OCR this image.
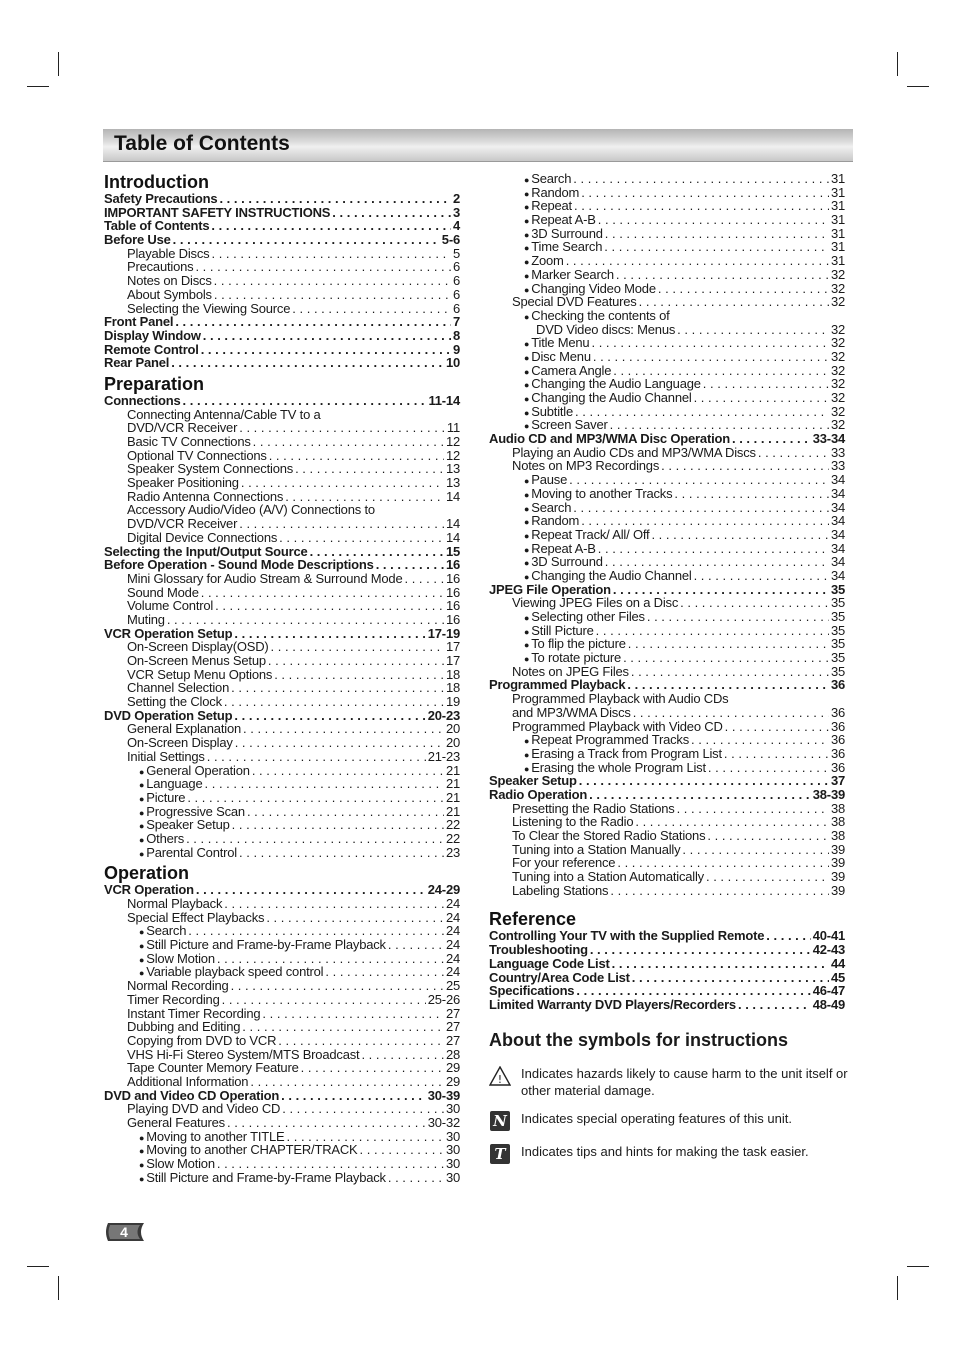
Table of Contents
Introduction
Safety Precautions . . .	2
IMPORTANT SAFETY INSTRUCTIONS . . .	3
Table of Contents . . .	4
Before Use . . .	5-6
Playable Discs . . .	5
Precautions . . .	6
Notes on Discs . . .	6
About Symbols . . .	6
Selecting the Viewing Source . . .	6
Front Panel . . .	7
Display Window . . .	8
Remote Control . . .	9
Rear Panel . . .	10
Preparation
Connections . . .	11-14
Connecting Antenna/Cable TV to a
DVD/VCR Receiver . . .	11
Basic TV Connections . . .	12
Optional TV Connections . . .	12
Speaker System Connections . . .	13
Speaker Positioning . . .	13
Radio Antenna Connections . . .	14
Accessory Audio/Video (A/V) Connections to
DVD/VCR Receiver . . .	14
Digital Device Connections . . .	14
Selecting the Input/Output Source . . .	15
Before Operation - Sound Mode Descriptions . . .	16
Mini Glossary for Audio Stream & Surround Mode . . .	16
Sound Mode . . .	16
Volume Control . . .	16
Muting . . .	16
VCR Operation Setup . . .	17-19
On-Screen Display(OSD) . . .	17
On-Screen Menus Setup . . .	17
VCR Setup Menu Options . . .	18
Channel Selection . . .	18
Setting the Clock . . .	19
DVD Operation Setup . . .	20-23
General Explanation . . .	20
On-Screen Display . . .	20
Initial Settings . . .	21-23
● General Operation . . .	21
● Language . . .	21
● Picture . . .	21
● Progressive Scan . . .	21
● Speaker Setup . . .	22
● Others . . .	22
● Parental Control . . .	23
Operation
VCR Operation . . .	24-29
Normal Playback . . .	24
Special Effect Playbacks . . .	24
● Search . . .	24
● Still Picture and Frame-by-Frame Playback . . .	24
● Slow Motion . . .	24
● Variable playback speed control . . .	24
Normal Recording . . .	25
Timer Recording . . .	25-26
Instant Timer Recording . . .	27
Dubbing and Editing . . .	27
Copying from DVD to VCR . . .	27
VHS Hi-Fi Stereo System/MTS Broadcast . . .	28
Tape Counter Memory Feature . . .	29
Additional Information . . .	29
DVD and Video CD Operation . . .	30-39
Playing DVD and Video CD . . .	30
General Features . . .	30-32
● Moving to another TITLE . . .	30
● Moving to another CHAPTER/TRACK . . .	30
● Slow Motion . . .	30
● Still Picture and Frame-by-Frame Playback . . .	30
● Search . . .	31
● Random . . .	31
● Repeat . . .	31
● Repeat A-B . . .	31
● 3D Surround . . .	31
● Time Search . . .	31
● Zoom . . .	31
● Marker Search . . .	32
● Changing Video Mode . . .	32
Special DVD Features . . .	32
● Checking the contents of
DVD Video discs: Menus . . .	32
● Title Menu . . .	32
● Disc Menu . . .	32
● Camera Angle . . .	32
● Changing the Audio Language . . .	32
● Changing the Audio Channel . . .	32
● Subtitle . . .	32
● Screen Saver . . .	32
Audio CD and MP3/WMA Disc Operation . . .	33-34
Playing an Audio CDs and MP3/WMA Discs . . .	33
Notes on MP3 Recordings . . .	33
● Pause . . .	34
● Moving to another Tracks . . .	34
● Search . . .	34
● Random . . .	34
● Repeat Track/ All/ Off . . .	34
● Repeat A-B . . .	34
● 3D Surround . . .	34
● Changing the Audio Channel . . .	34
JPEG File Operation . . .	35
Viewing JPEG Files on a Disc . . .	35
● Selecting other Files . . .	35
● Still Picture . . .	35
● To flip the picture . . .	35
● To rotate picture . . .	35
Notes on JPEG Files . . .	35
Programmed Playback . . .	36
Programmed Playback with Audio CDs
and MP3/WMA Discs . . .	36
Programmed Playback with Video CD . . .	36
● Repeat Programmed Tracks . . .	36
● Erasing a Track from Program List . . .	36
● Erasing the whole Program List . . .	36
Speaker Setup . . .	37
Radio Operation . . .	38-39
Presetting the Radio Stations . . .	38
Listening to the Radio . . .	38
To Clear the Stored Radio Stations . . .	38
Tuning into a Station Manually . . .	39
For your reference . . .	39
Tuning into a Station Automatically . . .	39
Labeling Stations . . .	39
Reference
Controlling Your TV with the Supplied Remote . . .	40-41
Troubleshooting . . .	42-43
Language Code List . . .	44
Country/Area Code List . . .	45
Specifications . . .	46-47
Limited Warranty DVD Players/Recorders . . .	48-49
About the symbols for instructions
! Indicates hazards likely to cause harm to the unit itself or other material damage.
N Indicates special operating features of this unit.
T	Indicates tips and hints for making the task easier.
4
